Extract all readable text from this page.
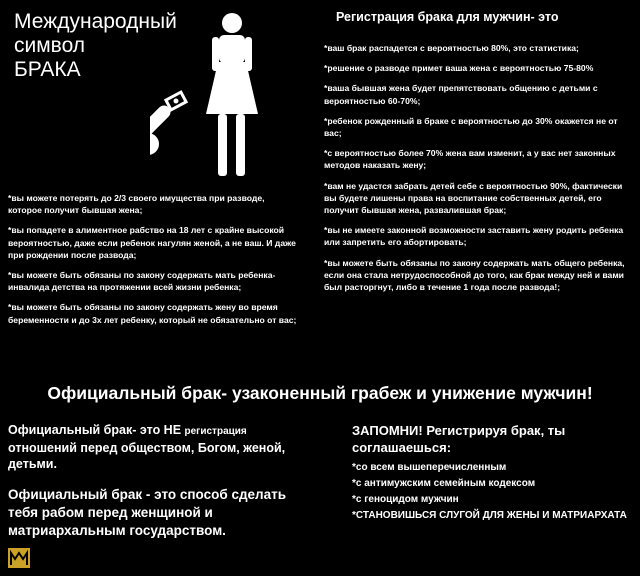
Международный
символ
БРАКА
Регистрация брака для мужчин- это

*ваш брак распадется с вероятностью 80%, это статистика;

*решение о разводе примет ваша жена с вероятностью 75-80%

*ваша бывшая жена будет препятствовать общению с детьми с вероятностью 60-70%;

*ребенок рожденный в браке с вероятностью до 30% окажется не от вас;

*с вероятностью более 70% жена вам изменит, а у вас нет законных методов наказать жену;

*вам не удастся забрать детей себе с вероятностью 90%, фактически вы будете лишены права на воспитание собственных детей, его получит бывшая жена, развалившая брак;

*вы не имеете законной возможности заставить жену родить ребенка или запретить его абортировать;

*вы можете быть обязаны по закону содержать мать общего ребенка, если она стала нетрудоспособной до того, как брак между ней и вами был расторгнут, либо в течение 1 года после развода!;

*вы можете потерять до 2/3 своего имущества при разводе, которое получит бывшая жена;

*вы попадете в алиментное рабство на 18 лет с крайне высокой вероятностью, даже если ребенок нагулян женой, а не ваш. И даже при рождении после развода;

*вы можете быть обязаны по закону содержать мать ребенка-инвалида детства на протяжении всей жизни ребенка;

*вы можете быть обязаны по закону содержать жену во время беременности и до 3х лет ребенку, который не обязательно от вас;

Официальный брак- узаконенный грабеж и унижение мужчин!

Официальный брак- это НЕ регистрация отношений перед обществом, Богом, женой, детьми.

Официальный брак - это способ сделать тебя рабом перед женщиной и матриархальным государством.

ЗАПОМНИ! Регистрируя брак, ты соглашаешься:

*со всем вышеперечисленным
*с антимужским семейным кодексом
*с геноцидом мужчин
*СТАНОВИШЬСЯ СЛУГОЙ ДЛЯ ЖЕНЫ И МАТРИАРХАТА
